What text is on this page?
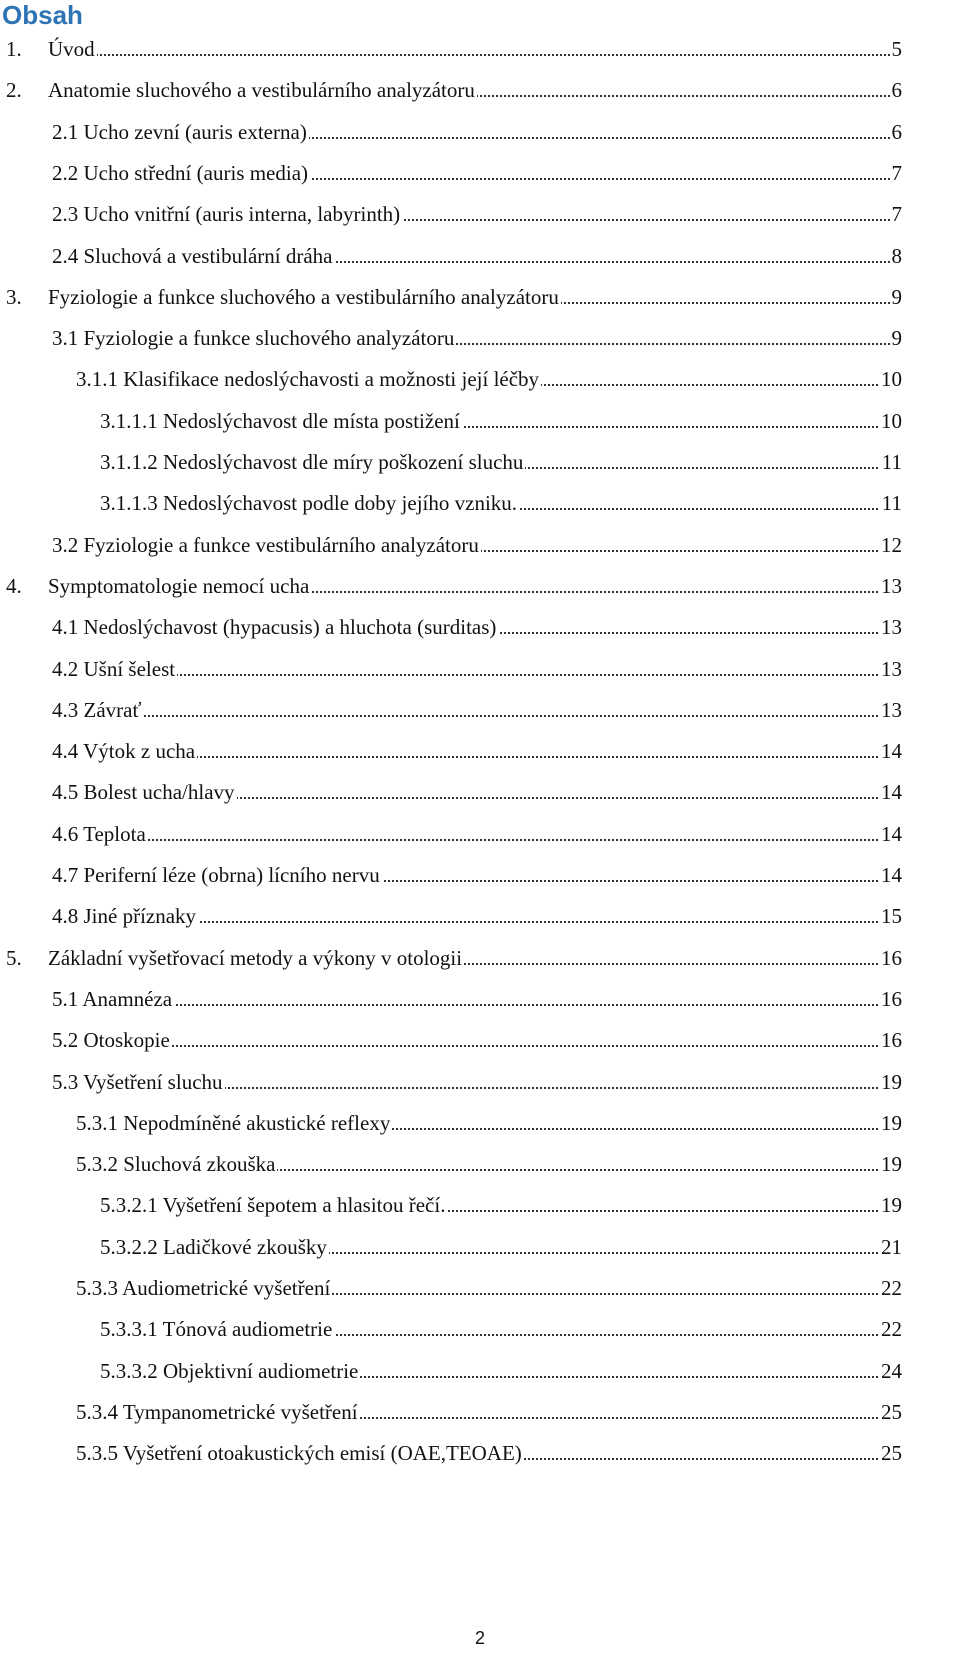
Obsah
1. Úvod	5
2. Anatomie sluchového a vestibulárního analyzátoru	6
2.1 Ucho zevní (auris externa)	6
2.2 Ucho střední (auris media)	7
2.3 Ucho vnitřní (auris interna, labyrinth)	7
2.4 Sluchová a vestibulární dráha	8
3. Fyziologie a funkce sluchového a vestibulárního analyzátoru	9
3.1 Fyziologie a funkce sluchového analyzátoru	9
3.1.1 Klasifikace nedoslýchavosti a možnosti její léčby	10
3.1.1.1 Nedoslýchavost dle místa postižení	10
3.1.1.2 Nedoslýchavost dle míry poškození sluchu	11
3.1.1.3 Nedoslýchavost podle doby jejího vzniku.	11
3.2 Fyziologie a funkce vestibulárního analyzátoru	12
4. Symptomatologie nemocí ucha	13
4.1 Nedoslýchavost (hypacusis) a hluchota (surditas)	13
4.2 Ušní šelest	13
4.3 Závrať	13
4.4 Výtok z ucha	14
4.5 Bolest ucha/hlavy	14
4.6 Teplota	14
4.7 Periferní léze (obrna) lícního nervu	14
4.8 Jiné příznaky	15
5. Základní vyšetřovací metody a výkony v otologii	16
5.1 Anamnéza	16
5.2 Otoskopie	16
5.3 Vyšetření sluchu	19
5.3.1 Nepodmíněné akustické reflexy	19
5.3.2 Sluchová zkouška	19
5.3.2.1 Vyšetření šepotem a hlasitou řečí.	19
5.3.2.2 Ladičkové zkoušky	21
5.3.3 Audiometrické vyšetření	22
5.3.3.1 Tónová audiometrie	22
5.3.3.2 Objektivní audiometrie	24
5.3.4 Tympanometrické vyšetření	25
5.3.5 Vyšetření otoakustických emisí (OAE,TEOAE)	25
2
